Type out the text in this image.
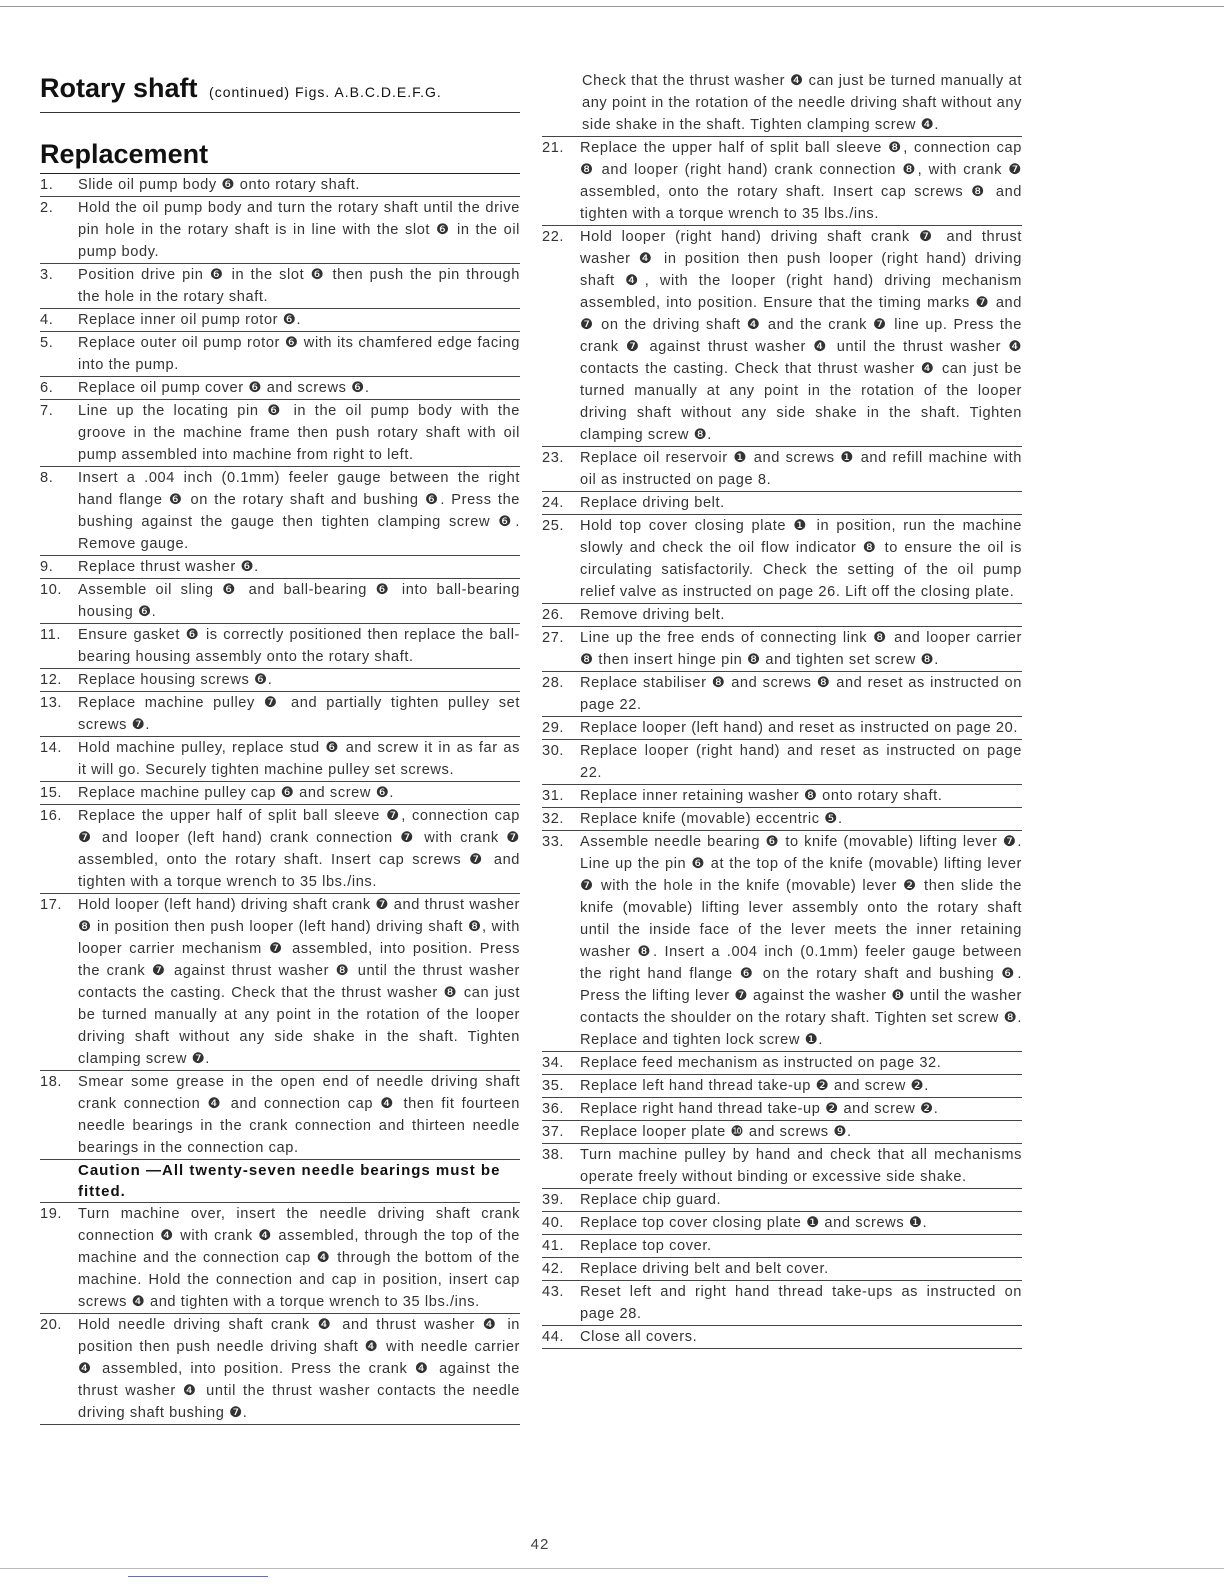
Rotary shaft (continued) Figs. A.B.C.D.E.F.G.
Replacement
1.	Slide oil pump body ❻ onto rotary shaft.
2.	Hold the oil pump body and turn the rotary shaft until the drive pin hole in the rotary shaft is in line with the slot ❻ in the oil pump body.
3.	Position drive pin ❻ in the slot ❻ then push the pin through the hole in the rotary shaft.
4.	Replace inner oil pump rotor ❻.
5.	Replace outer oil pump rotor ❻ with its chamfered edge facing into the pump.
6.	Replace oil pump cover ❻ and screws ❻.
7.	Line up the locating pin ❻ in the oil pump body with the groove in the machine frame then push rotary shaft with oil pump assembled into machine from right to left.
8.	Insert a .004 inch (0.1mm) feeler gauge between the right hand flange ❻ on the rotary shaft and bushing ❻. Press the bushing against the gauge then tighten clamping screw ❻. Remove gauge.
9.	Replace thrust washer ❻.
10.	Assemble oil sling ❻ and ball-bearing ❻ into ball-bearing housing ❻.
11.	Ensure gasket ❻ is correctly positioned then replace the ball-bearing housing assembly onto the rotary shaft.
12.	Replace housing screws ❻.
13.	Replace machine pulley ❼ and partially tighten pulley set screws ❼.
14.	Hold machine pulley, replace stud ❻ and screw it in as far as it will go. Securely tighten machine pulley set screws.
15.	Replace machine pulley cap ❻ and screw ❻.
16.	Replace the upper half of split ball sleeve ❼, connection cap ❼ and looper (left hand) crank connection ❼ with crank ❼ assembled, onto the rotary shaft. Insert cap screws ❼ and tighten with a torque wrench to 35 lbs./ins.
17.	Hold looper (left hand) driving shaft crank ❼ and thrust washer ❽ in position then push looper (left hand) driving shaft ❽, with looper carrier mechanism ❼ assembled, into position. Press the crank ❼ against thrust washer ❽ until the thrust washer contacts the casting. Check that the thrust washer ❽ can just be turned manually at any point in the rotation of the looper driving shaft without any side shake in the shaft. Tighten clamping screw ❼.
18.	Smear some grease in the open end of needle driving shaft crank connection ❹ and connection cap ❹ then fit fourteen needle bearings in the crank connection and thirteen needle bearings in the connection cap.
Caution —All twenty-seven needle bearings must be fitted.
19.	Turn machine over, insert the needle driving shaft crank connection ❹ with crank ❹ assembled, through the top of the machine and the connection cap ❹ through the bottom of the machine. Hold the connection and cap in position, insert cap screws ❹ and tighten with a torque wrench to 35 lbs./ins.
20.	Hold needle driving shaft crank ❹ and thrust washer ❹ in position then push needle driving shaft ❹ with needle carrier ❹ assembled, into position. Press the crank ❹ against the thrust washer ❹ until the thrust washer contacts the needle driving shaft bushing ❼.
Check that the thrust washer ❹ can just be turned manually at any point in the rotation of the needle driving shaft without any side shake in the shaft. Tighten clamping screw ❹.
21.	Replace the upper half of split ball sleeve ❽, connection cap ❽ and looper (right hand) crank connection ❽, with crank ❼ assembled, onto the rotary shaft. Insert cap screws ❽ and tighten with a torque wrench to 35 lbs./ins.
22.	Hold looper (right hand) driving shaft crank ❼ and thrust washer ❹ in position then push looper (right hand) driving shaft ❹, with the looper (right hand) driving mechanism assembled, into position. Ensure that the timing marks ❼ and ❼ on the driving shaft ❹ and the crank ❼ line up. Press the crank ❼ against thrust washer ❹ until the thrust washer ❹ contacts the casting. Check that thrust washer ❹ can just be turned manually at any point in the rotation of the looper driving shaft without any side shake in the shaft. Tighten clamping screw ❽.
23.	Replace oil reservoir ❶ and screws ❶ and refill machine with oil as instructed on page 8.
24.	Replace driving belt.
25.	Hold top cover closing plate ❶ in position, run the machine slowly and check the oil flow indicator ❽ to ensure the oil is circulating satisfactorily. Check the setting of the oil pump relief valve as instructed on page 26. Lift off the closing plate.
26.	Remove driving belt.
27.	Line up the free ends of connecting link ❽ and looper carrier ❽ then insert hinge pin ❽ and tighten set screw ❽.
28.	Replace stabiliser ❽ and screws ❽ and reset as instructed on page 22.
29.	Replace looper (left hand) and reset as instructed on page 20.
30.	Replace looper (right hand) and reset as instructed on page 22.
31.	Replace inner retaining washer ❽ onto rotary shaft.
32.	Replace knife (movable) eccentric ❺.
33.	Assemble needle bearing ❻ to knife (movable) lifting lever ❼. Line up the pin ❻ at the top of the knife (movable) lifting lever ❼ with the hole in the knife (movable) lever ❷ then slide the knife (movable) lifting lever assembly onto the rotary shaft until the inside face of the lever meets the inner retaining washer ❽. Insert a .004 inch (0.1mm) feeler gauge between the right hand flange ❻ on the rotary shaft and bushing ❻. Press the lifting lever ❼ against the washer ❽ until the washer contacts the shoulder on the rotary shaft. Tighten set screw ❽. Replace and tighten lock screw ❶.
34.	Replace feed mechanism as instructed on page 32.
35.	Replace left hand thread take-up ❷ and screw ❷.
36.	Replace right hand thread take-up ❷ and screw ❷.
37.	Replace looper plate ❿ and screws ❾.
38.	Turn machine pulley by hand and check that all mechanisms operate freely without binding or excessive side shake.
39.	Replace chip guard.
40.	Replace top cover closing plate ❶ and screws ❶.
41.	Replace top cover.
42.	Replace driving belt and belt cover.
43.	Reset left and right hand thread take-ups as instructed on page 28.
44.	Close all covers.
42
